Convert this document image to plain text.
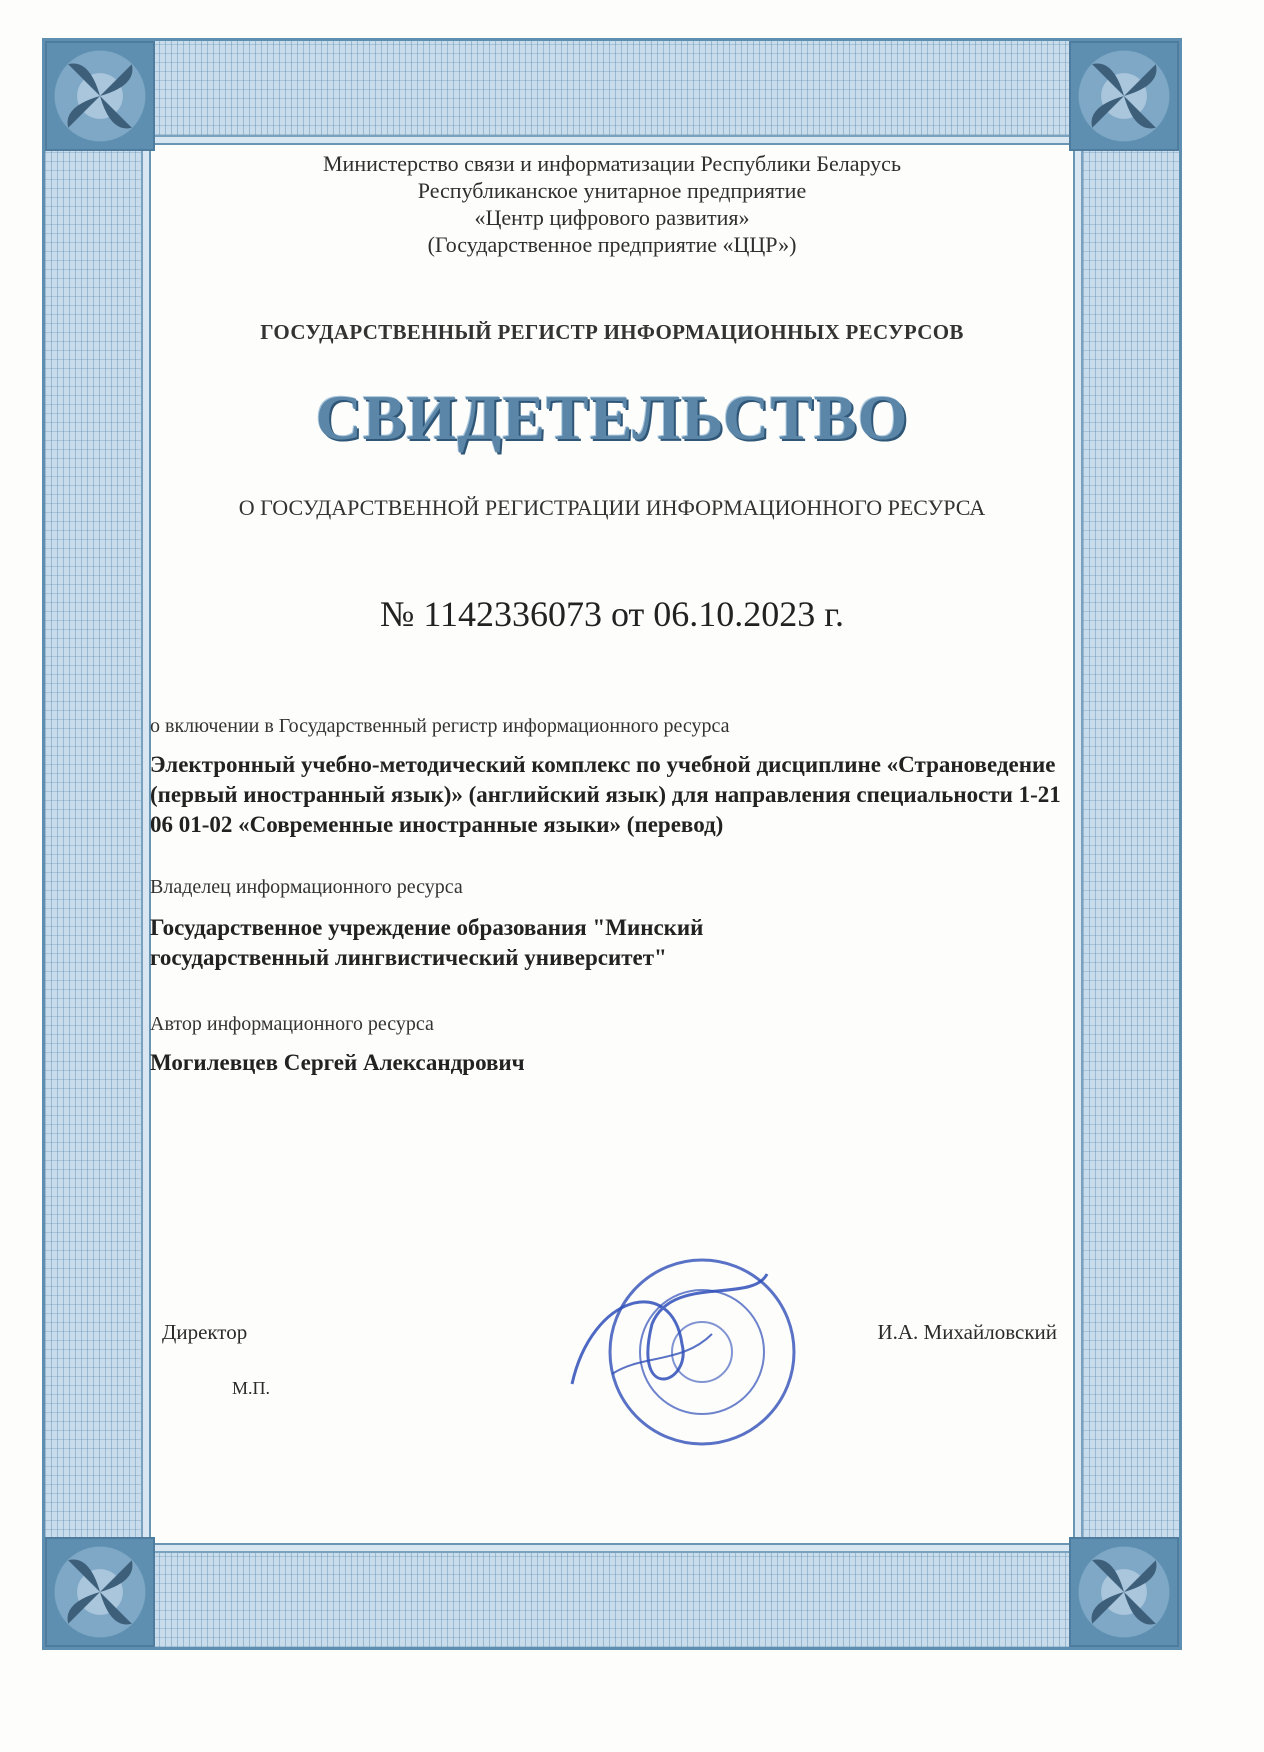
Министерство связи и информатизации Республики Беларусь
Республиканское унитарное предприятие
«Центр цифрового развития»
(Государственное предприятие «ЦЦР»)
ГОСУДАРСТВЕННЫЙ РЕГИСТР ИНФОРМАЦИОННЫХ РЕСУРСОВ
СВИДЕТЕЛЬСТВО
О ГОСУДАРСТВЕННОЙ РЕГИСТРАЦИИ ИНФОРМАЦИОННОГО РЕСУРСА
№ 1142336073 от 06.10.2023 г.
о включении в Государственный регистр информационного ресурса
Электронный учебно-методический комплекс по учебной дисциплине «Страноведение (первый иностранный язык)» (английский язык) для направления специальности 1-21 06 01-02 «Современные иностранные языки» (перевод)
Владелец информационного ресурса
Государственное учреждение образования "Минский государственный лингвистический университет"
Автор информационного ресурса
Могилевцев Сергей Александрович
Директор
М.П.
И.А. Михайловский
